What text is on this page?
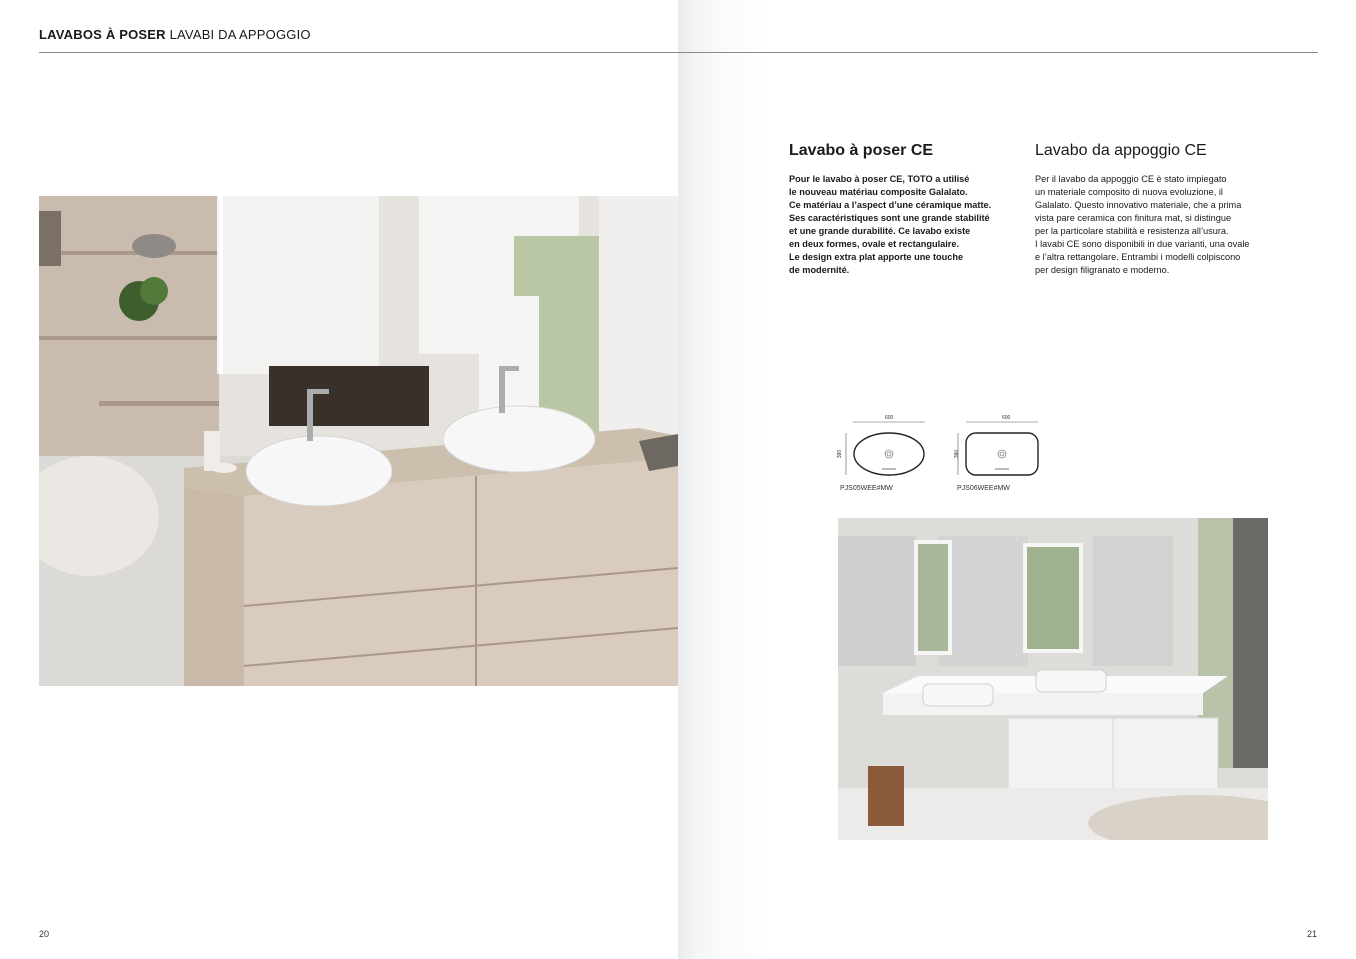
LAVABOS À POSER LAVABI DA APPOGGIO
Lavabo à poser CE

Pour le lavabo à poser CE, TOTO a utilisé
le nouveau matériau composite Galalato.
Ce matériau a l’aspect d’une céramique matte.
Ses caractéristiques sont une grande stabilité
et une grande durabilité. Ce lavabo existe
en deux formes, ovale et rectangulaire.
Le design extra plat apporte une touche
de modernité.

Lavabo da appoggio CE

Per il lavabo da appoggio CE è stato impiegato
un materiale composito di nuova evoluzione, il
Galalato. Questo innovativo materiale, che a prima
vista pare ceramica con finitura mat, si distingue
per la particolare stabilità e resistenza all’usura.
I lavabi CE sono disponibili in due varianti, una ovale
e l’altra rettangolare. Entrambi i modelli colpiscono
per design filigranato e moderno.

600
380
PJS05WEE#MW
600
380
PJS06WEE#MW
20	21
